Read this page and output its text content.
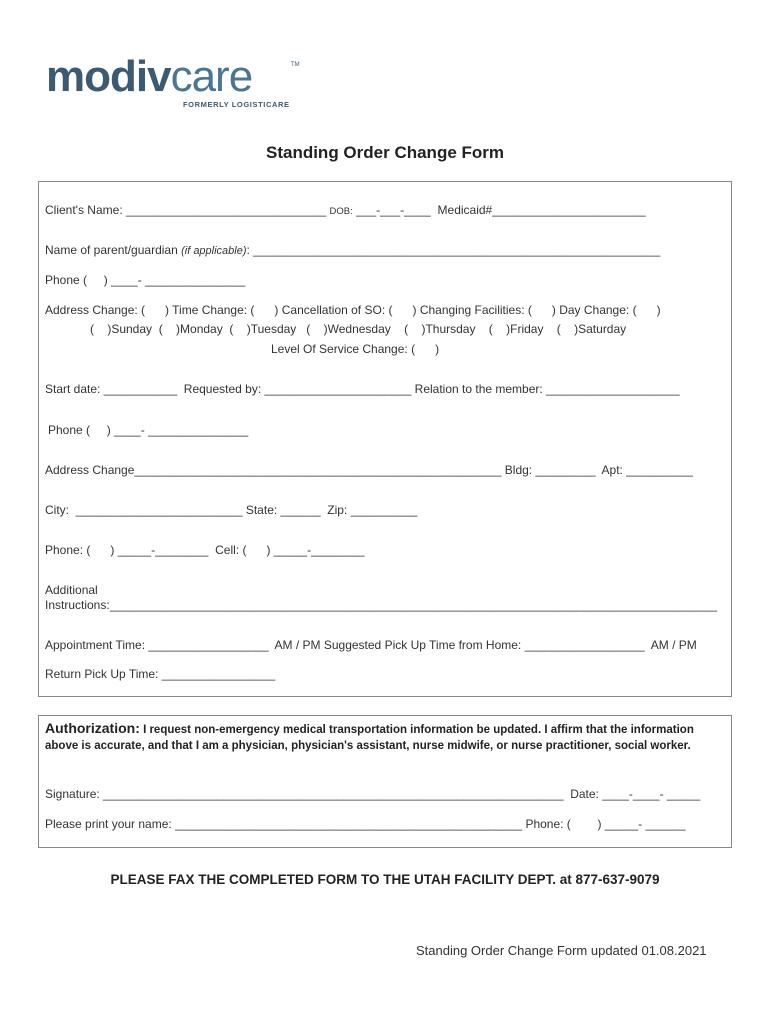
modivcare	TM
FORMERLY LOGISTICARE
Standing Order Change Form
Client's Name: ______________________________ DOB: ___-___-____ Medicaid#_______________________
Name of parent/guardian (if applicable): _____________________________________________________________
Phone (     ) ____- _______________
Address Change: (      ) Time Change: (      ) Cancellation of SO: (      ) Changing Facilities: (      ) Day Change: (      )
(    )Sunday  (    )Monday  (    )Tuesday   (    )Wednesday    (    )Thursday    (    )Friday    (    )Saturday
Level Of Service Change: (      )
Start date: ___________  Requested by: ______________________ Relation to the member: ____________________
Phone (     ) ____- _______________
Address Change_______________________________________________________ Bldg: _________  Apt: __________
City:  _________________________ State: ______  Zip: __________
Phone: (      ) _____-________  Cell: (      ) _____-________
Additional
Instructions:___________________________________________________________________________________________
Appointment Time: __________________  AM / PM Suggested Pick Up Time from Home: __________________  AM / PM
Return Pick Up Time: _________________
Authorization: I request non-emergency medical transportation information be updated. I affirm that the information above is accurate, and that I am a physician, physician's assistant, nurse midwife, or nurse practitioner, social worker.
Signature: _____________________________________________________________________  Date: ____-____- _____
Please print your name: ____________________________________________________ Phone: (        ) _____- ______
PLEASE FAX THE COMPLETED FORM TO THE UTAH FACILITY DEPT. at 877-637-9079
Standing Order Change Form updated 01.08.2021
